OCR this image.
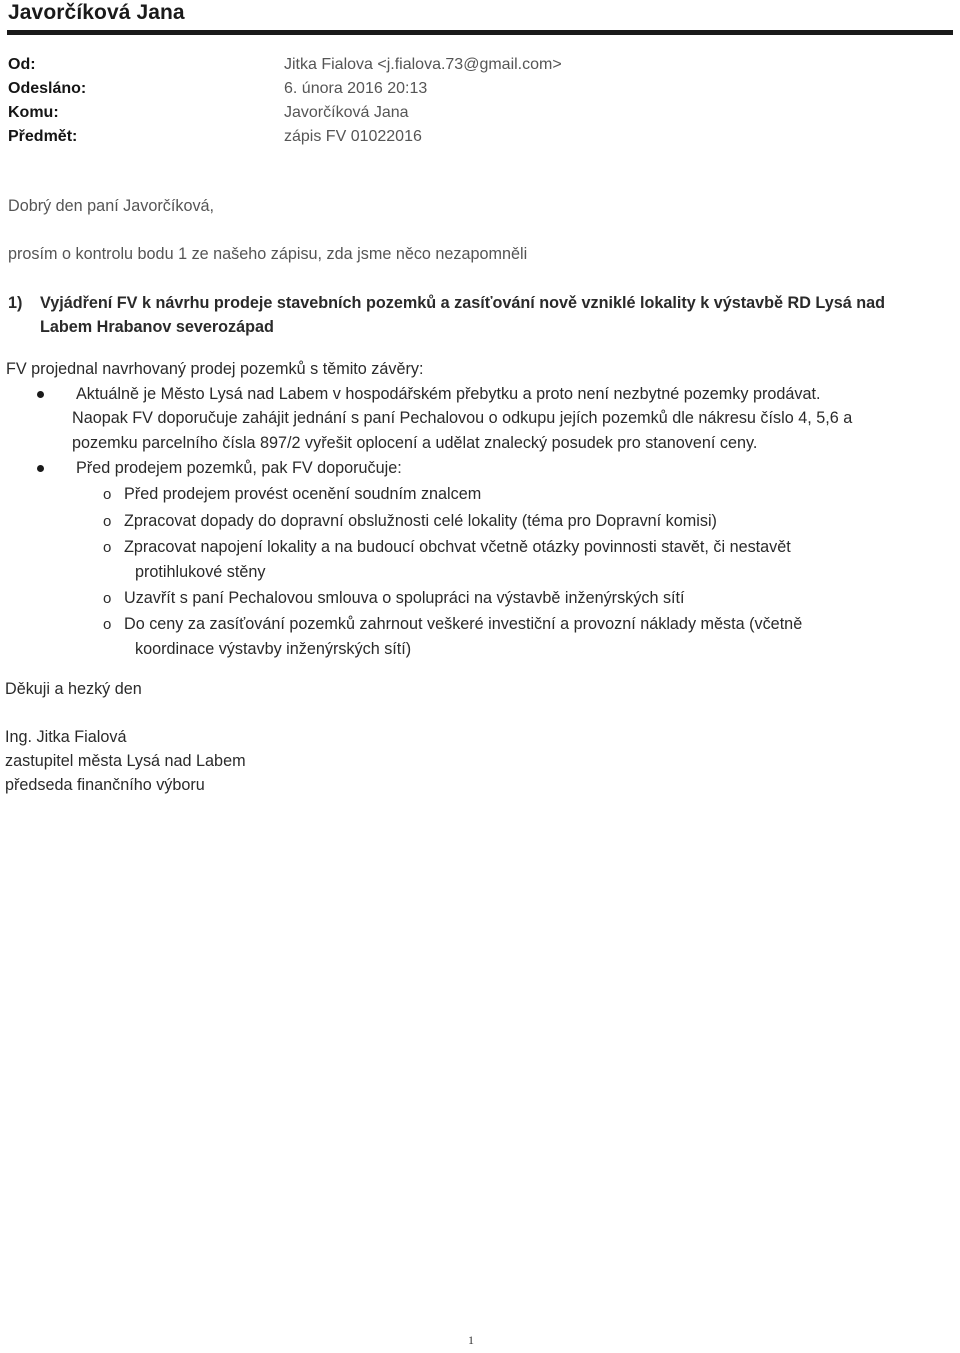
Javorčíková Jana
Od:	Jitka Fialova <j.fialova.73@gmail.com>
Odesláno:	6. února 2016 20:13
Komu:	Javorčíková Jana
Předmět:	zápis FV 01022016
Dobrý den paní Javorčíková,
prosím o kontrolu bodu 1 ze našeho zápisu, zda jsme něco nezapomněli
1) Vyjádření FV k návrhu prodeje stavebních pozemků a zasíťování nově vzniklé lokality k výstavbě RD Lysá nad
Labem Hrabanov severozápad
FV projednal navrhovaný prodej pozemků s těmito závěry:
Aktuálně je Město Lysá nad Labem v hospodářském přebytku a proto není nezbytné pozemky prodávat.
Naopak FV doporučuje zahájit jednání s paní Pechalovou o odkupu jejích pozemků dle nákresu číslo 4, 5,6 a
pozemku parcelního čísla 897/2 vyřešit oplocení a udělat znalecký posudek pro stanovení ceny.
Před prodejem pozemků, pak FV doporučuje:
o Před prodejem provést ocenění soudním znalcem
o Zpracovat dopady do dopravní obslužnosti celé lokality (téma pro Dopravní komisi)
o Zpracovat napojení lokality a na budoucí obchvat včetně otázky povinnosti stavět, či nestavět
protihlukové stěny
o Uzavřít s paní Pechalovou smlouva o spolupráci na výstavbě inženýrských sítí
o Do ceny za zasíťování pozemků zahrnout veškeré investiční a provozní náklady města (včetně
koordinace výstavby inženýrských sítí)
Děkuji a hezký den
Ing. Jitka Fialová
zastupitel města Lysá nad Labem
předseda finančního výboru
1
